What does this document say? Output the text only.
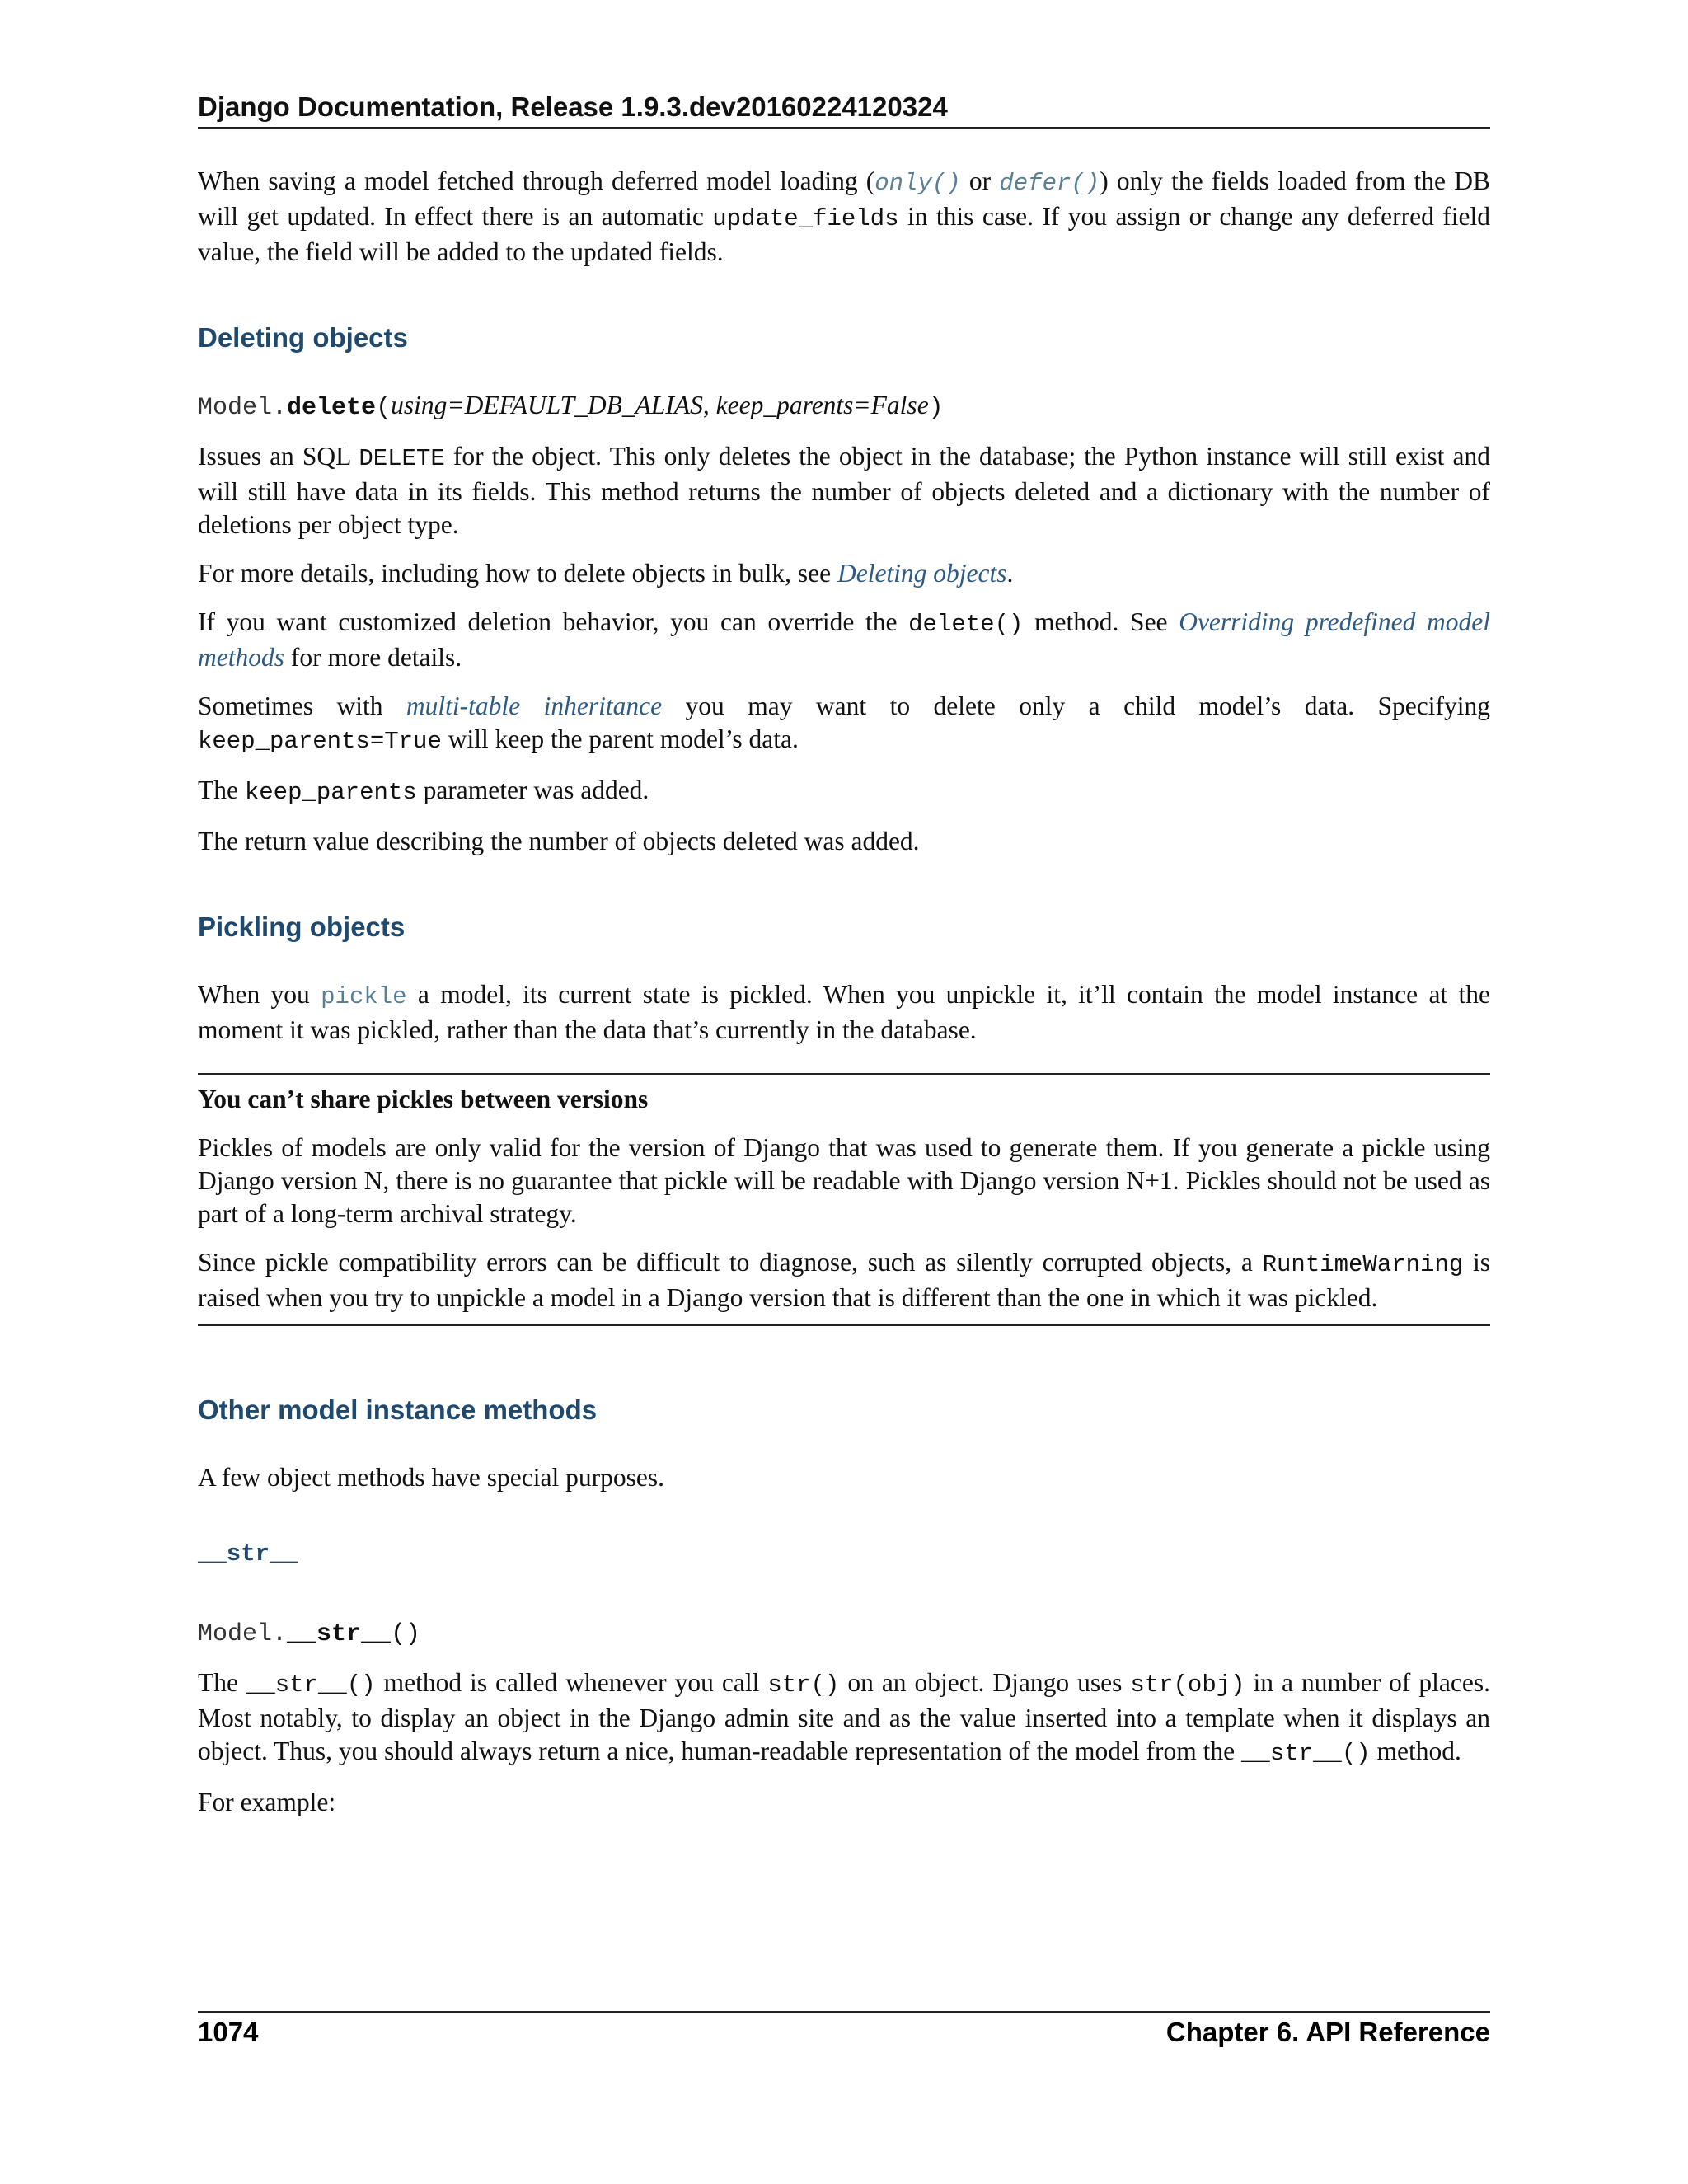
Django Documentation, Release 1.9.3.dev20160224120324

When saving a model fetched through deferred model loading (only() or defer()) only the fields loaded from the DB will get updated. In effect there is an automatic update_fields in this case. If you assign or change any deferred field value, the field will be added to the updated fields.

Deleting objects

Model.delete(using=DEFAULT_DB_ALIAS, keep_parents=False)

Issues an SQL DELETE for the object. This only deletes the object in the database; the Python instance will still exist and will still have data in its fields. This method returns the number of objects deleted and a dictionary with the number of deletions per object type.

For more details, including how to delete objects in bulk, see Deleting objects.

If you want customized deletion behavior, you can override the delete() method. See Overriding predefined model methods for more details.

Sometimes with multi-table inheritance you may want to delete only a child model’s data. Specifying keep_parents=True will keep the parent model’s data.

The keep_parents parameter was added.

The return value describing the number of objects deleted was added.

Pickling objects

When you pickle a model, its current state is pickled. When you unpickle it, it’ll contain the model instance at the moment it was pickled, rather than the data that’s currently in the database.

You can’t share pickles between versions

Pickles of models are only valid for the version of Django that was used to generate them. If you generate a pickle using Django version N, there is no guarantee that pickle will be readable with Django version N+1. Pickles should not be used as part of a long-term archival strategy.

Since pickle compatibility errors can be difficult to diagnose, such as silently corrupted objects, a RuntimeWarning is raised when you try to unpickle a model in a Django version that is different than the one in which it was pickled.

Other model instance methods

A few object methods have special purposes.

__str__

Model.__str__()

The __str__() method is called whenever you call str() on an object. Django uses str(obj) in a number of places. Most notably, to display an object in the Django admin site and as the value inserted into a template when it displays an object. Thus, you should always return a nice, human-readable representation of the model from the __str__() method.

For example:

1074	Chapter 6. API Reference
